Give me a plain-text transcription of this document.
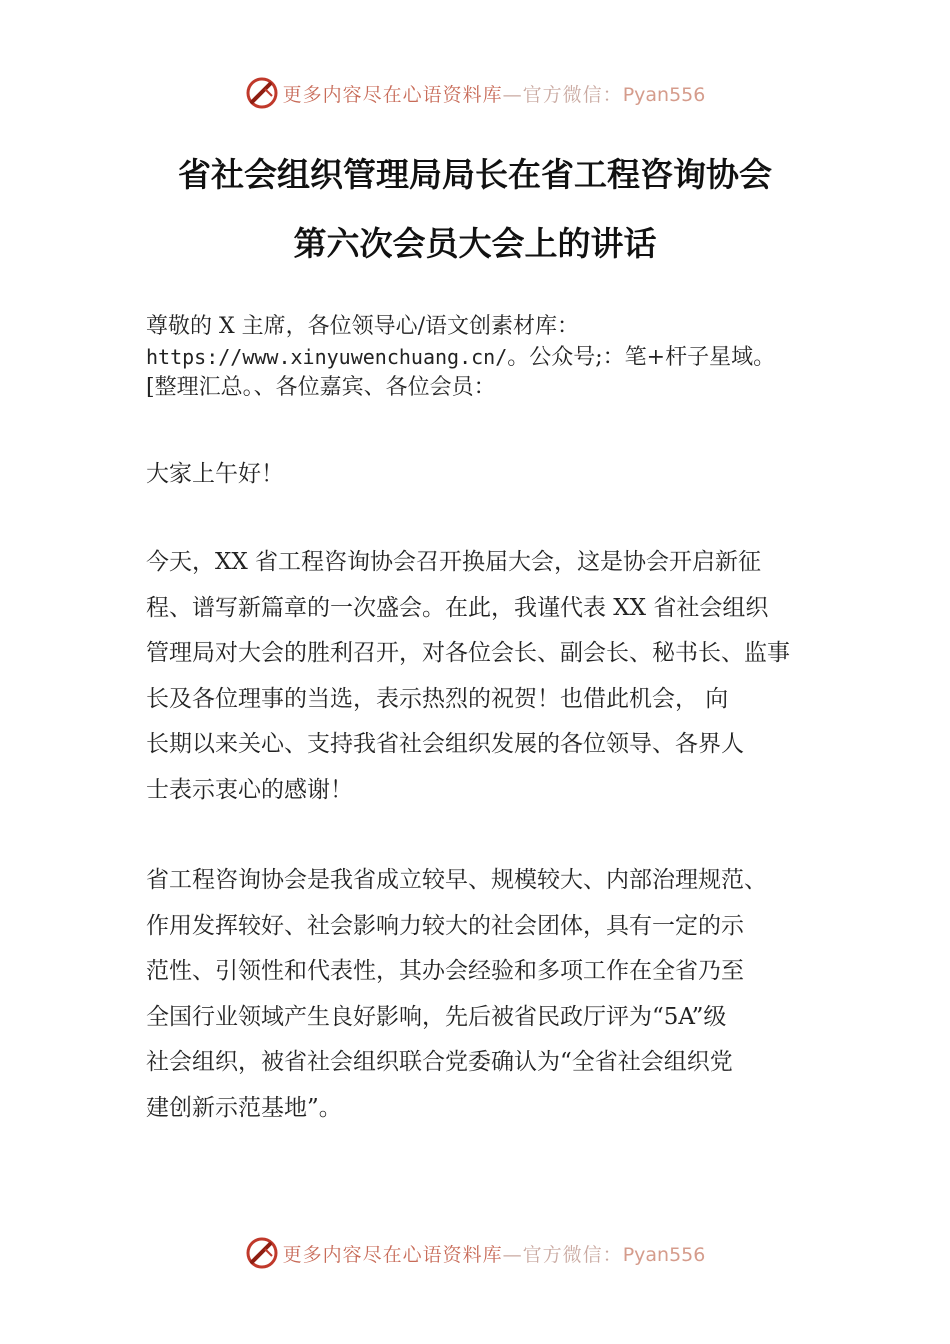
更多内容尽在心语资料库—官方微信：Pyan556
省社会组织管理局局长在省工程咨询协会
第六次会员大会上的讲话
尊敬的 X 主席，各位领导心/语文创素材库：
https://www.xinyuwenchuang.cn/。公众号;：笔+杆子星域。
[整理汇总。、各位嘉宾、各位会员：
大家上午好！
今天，XX 省工程咨询协会召开换届大会，这是协会开启新征
程、谱写新篇章的一次盛会。在此，我谨代表 XX 省社会组织
管理局对大会的胜利召开，对各位会长、副会长、秘书长、监事
长及各位理事的当选，表示热烈的祝贺！也借此机会， 向
长期以来关心、支持我省社会组织发展的各位领导、各界人
士表示衷心的感谢！
省工程咨询协会是我省成立较早、规模较大、内部治理规范、
作用发挥较好、社会影响力较大的社会团体，具有一定的示
范性、引领性和代表性，其办会经验和多项工作在全省乃至
全国行业领域产生良好影响，先后被省民政厅评为“5A”级
社会组织，被省社会组织联合党委确认为“全省社会组织党
建创新示范基地”。
更多内容尽在心语资料库—官方微信：Pyan556
